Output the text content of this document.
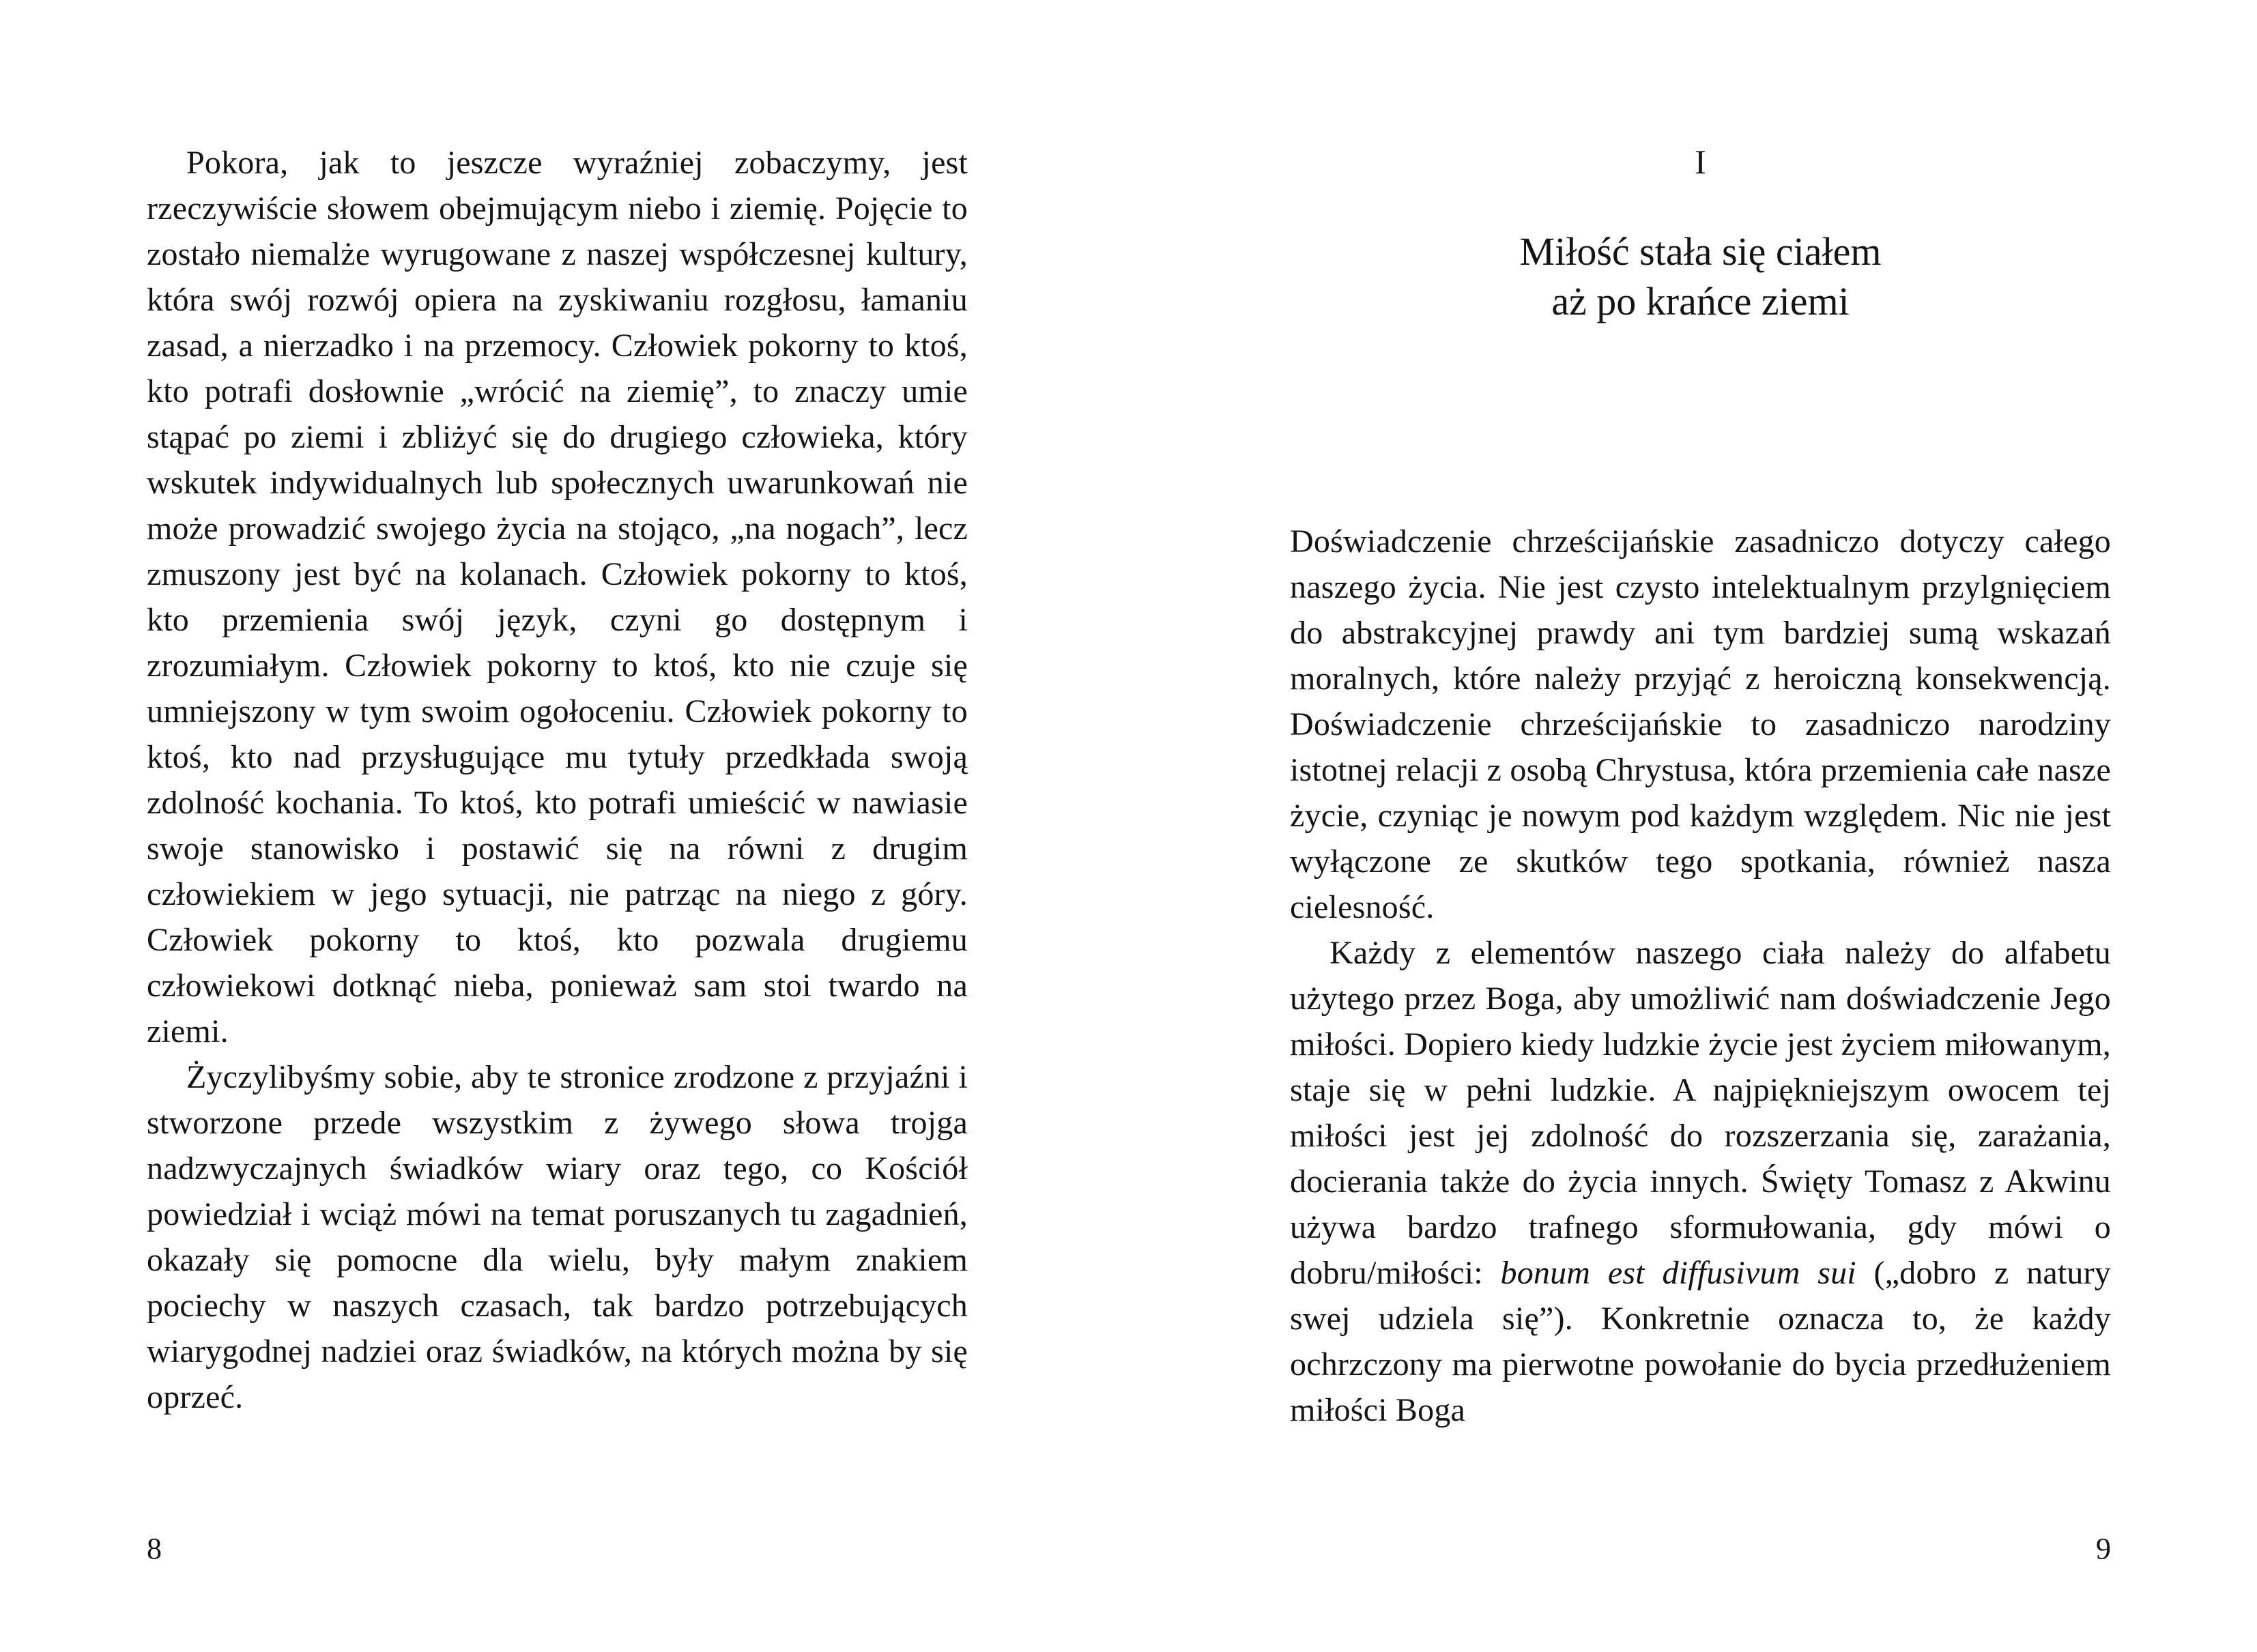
Pokora, jak to jeszcze wyraźniej zobaczymy, jest rzeczywiście słowem obejmującym niebo i ziemię. Pojęcie to zostało niemalże wyrugowane z naszej współczesnej kultury, która swój rozwój opiera na zyskiwaniu rozgłosu, łamaniu zasad, a nierzadko i na przemocy. Człowiek pokorny to ktoś, kto potrafi dosłownie „wrócić na ziemię”, to znaczy umie stąpać po ziemi i zbliżyć się do drugiego człowieka, który wskutek indywidualnych lub społecznych uwarunkowań nie może prowadzić swojego życia na stojąco, „na nogach”, lecz zmuszony jest być na kolanach. Człowiek pokorny to ktoś, kto przemienia swój język, czyni go dostępnym i zrozumiałym. Człowiek pokorny to ktoś, kto nie czuje się umniejszony w tym swoim ogołoceniu. Człowiek pokorny to ktoś, kto nad przysługujące mu tytuły przedkłada swoją zdolność kochania. To ktoś, kto potrafi umieścić w nawiasie swoje stanowisko i postawić się na równi z drugim człowiekiem w jego sytuacji, nie patrząc na niego z góry. Człowiek pokorny to ktoś, kto pozwala drugiemu człowiekowi dotknąć nieba, ponieważ sam stoi twardo na ziemi.

Życzylibyśmy sobie, aby te stronice zrodzone z przyjaźni i stworzone przede wszystkim z żywego słowa trojga nadzwyczajnych świadków wiary oraz tego, co Kościół powiedział i wciąż mówi na temat poruszanych tu zagadnień, okazały się pomocne dla wielu, były małym znakiem pociechy w naszych czasach, tak bardzo potrzebujących wiarygodnej nadziei oraz świadków, na których można by się oprzeć.

8
I
Miłość stała się ciałem
aż po krańce ziemi

Doświadczenie chrześcijańskie zasadniczo dotyczy całego naszego życia. Nie jest czysto intelektualnym przylgnięciem do abstrakcyjnej prawdy ani tym bardziej sumą wskazań moralnych, które należy przyjąć z heroiczną konsekwencją. Doświadczenie chrześcijańskie to zasadniczo narodziny istotnej relacji z osobą Chrystusa, która przemienia całe nasze życie, czyniąc je nowym pod każdym względem. Nic nie jest wyłączone ze skutków tego spotkania, również nasza cielesność.

Każdy z elementów naszego ciała należy do alfabetu użytego przez Boga, aby umożliwić nam doświadczenie Jego miłości. Dopiero kiedy ludzkie życie jest życiem miłowanym, staje się w pełni ludzkie. A najpiękniejszym owocem tej miłości jest jej zdolność do rozszerzania się, zarażania, docierania także do życia innych. Święty Tomasz z Akwinu używa bardzo trafnego sformułowania, gdy mówi o dobru/miłości: bonum est diffusivum sui („dobro z natury swej udziela się”). Konkretnie oznacza to, że każdy ochrzczony ma pierwotne powołanie do bycia przedłużeniem miłości Boga

9
